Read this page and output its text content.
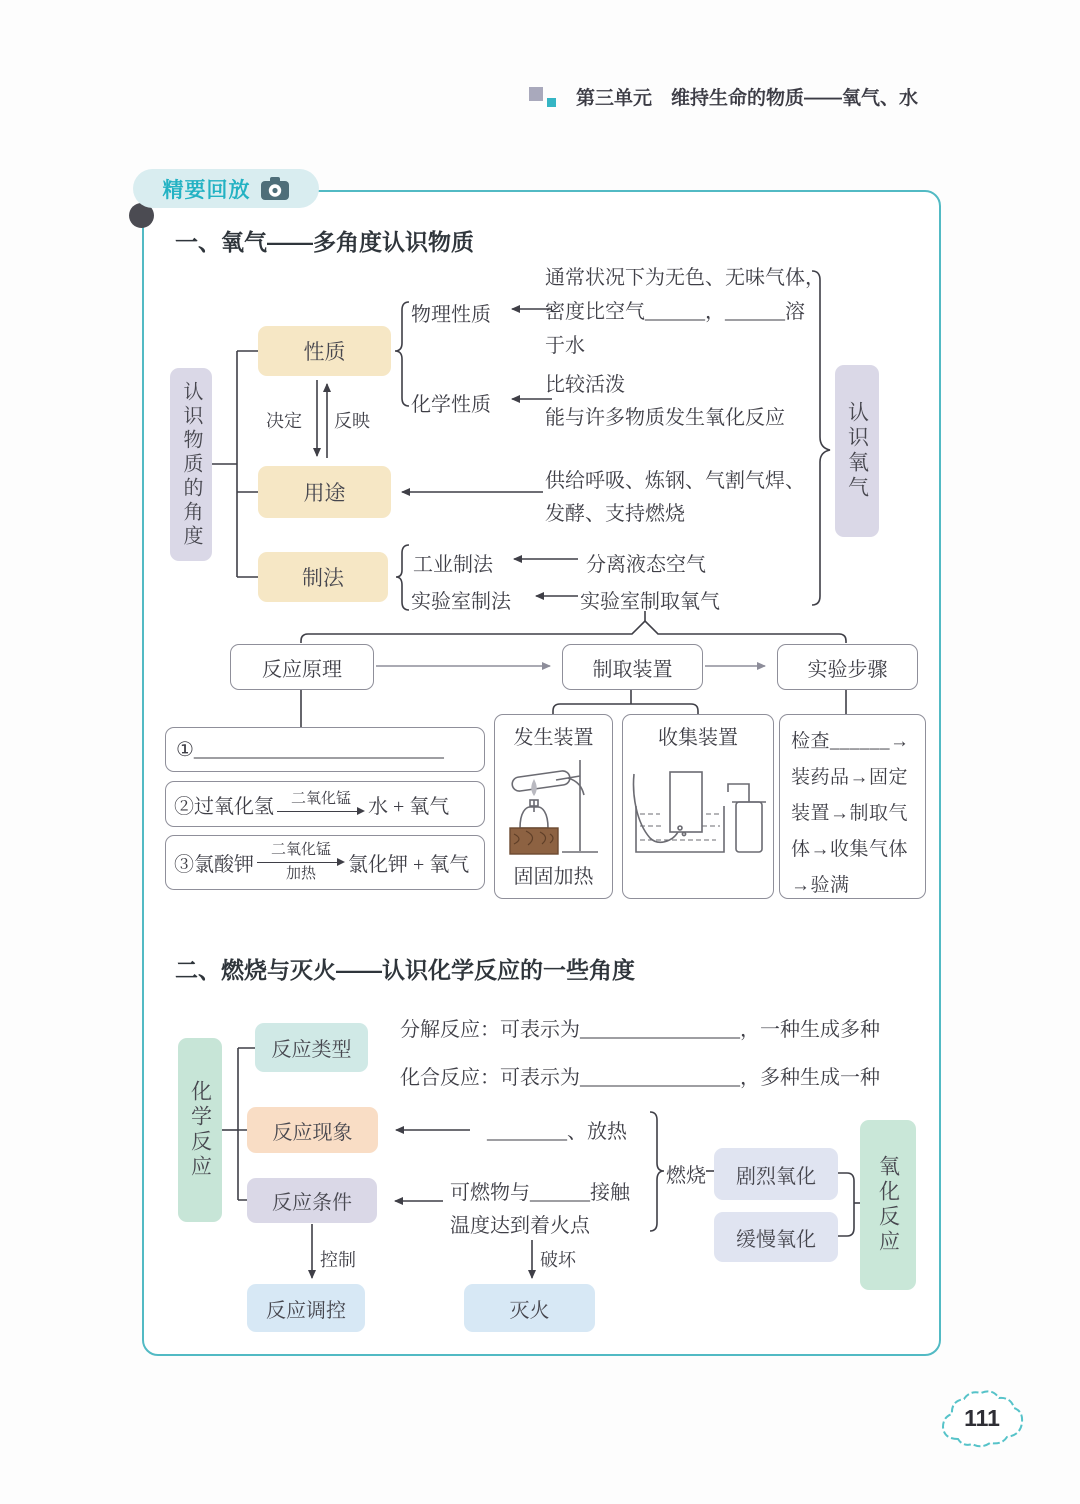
第三单元　维持生命的物质——氧气、水
精要回放
一、氧气——多角度认识物质
认识物质的角度
性质
用途
制法
决定 反映
物理性质
化学性质
通常状况下为无色、无味气体，
密度比空气______，______溶
于水
比较活泼
能与许多物质发生氧化反应
供给呼吸、炼钢、气割气焊、
发酵、支持燃烧
工业制法	分离液态空气
实验室制法	实验室制取氧气
认识氧气
反应原理	制取装置	实验步骤
①_________________________
②过氧化氢 二氧化锰 水 + 氧气
③氯酸钾
二氧化锰
加热 氯化钾 + 氧气
发生装置
固固加热
收集装置	检查______→装药品→固定装置→制取气体→收集气体→验满
二、燃烧与灭火——认识化学反应的一些角度
化学反应
反应类型
反应现象
反应条件
分解反应：可表示为________________，一种生成多种
化合反应：可表示为________________，多种生成一种
________、放热
可燃物与______接触
温度达到着火点
燃烧	剧烈氧化
缓慢氧化	氧化反应
控制	破坏
反应调控	灭火
111
